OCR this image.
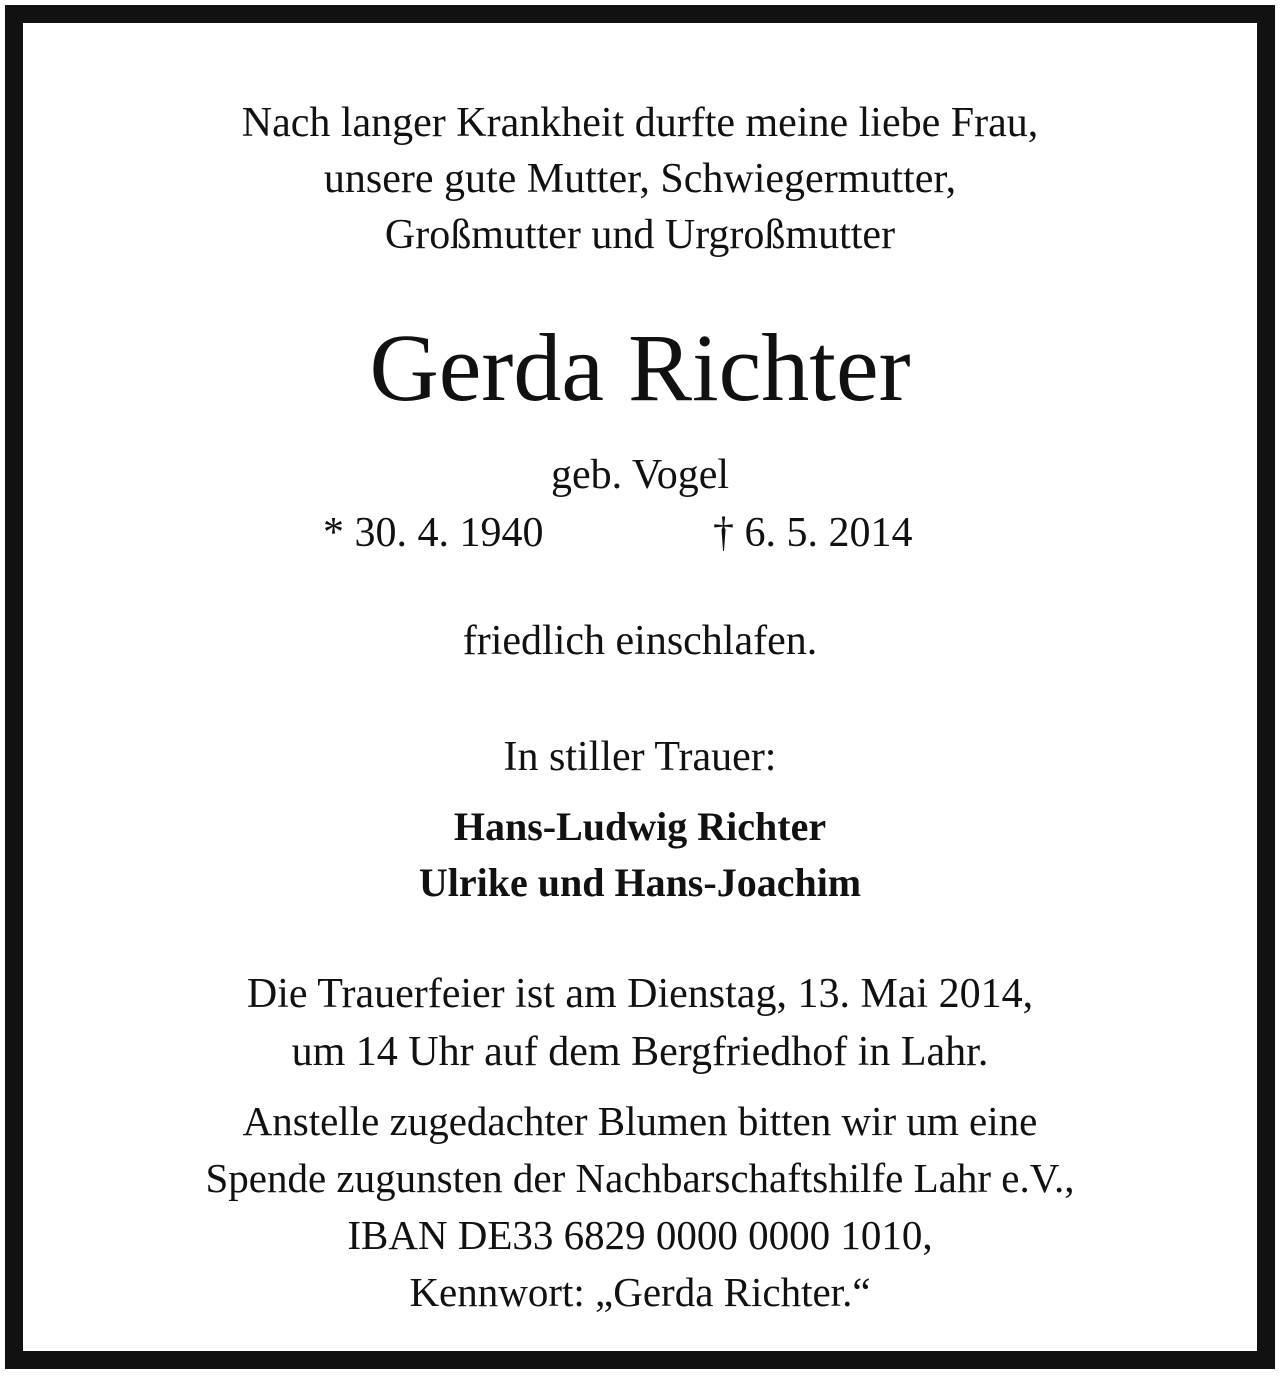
Nach langer Krankheit durfte meine liebe Frau,
unsere gute Mutter, Schwiegermutter,
Großmutter und Urgroßmutter
Gerda Richter
geb. Vogel
* 30. 4. 1940	† 6. 5. 2014
friedlich einschlafen.
In stiller Trauer:
Hans-Ludwig Richter
Ulrike und Hans-Joachim
Die Trauerfeier ist am Dienstag, 13. Mai 2014,
um 14 Uhr auf dem Bergfriedhof in Lahr.
Anstelle zugedachter Blumen bitten wir um eine
Spende zugunsten der Nachbarschaftshilfe Lahr e.V.,
IBAN DE33 6829 0000 0000 1010,
Kennwort: „Gerda Richter.“
